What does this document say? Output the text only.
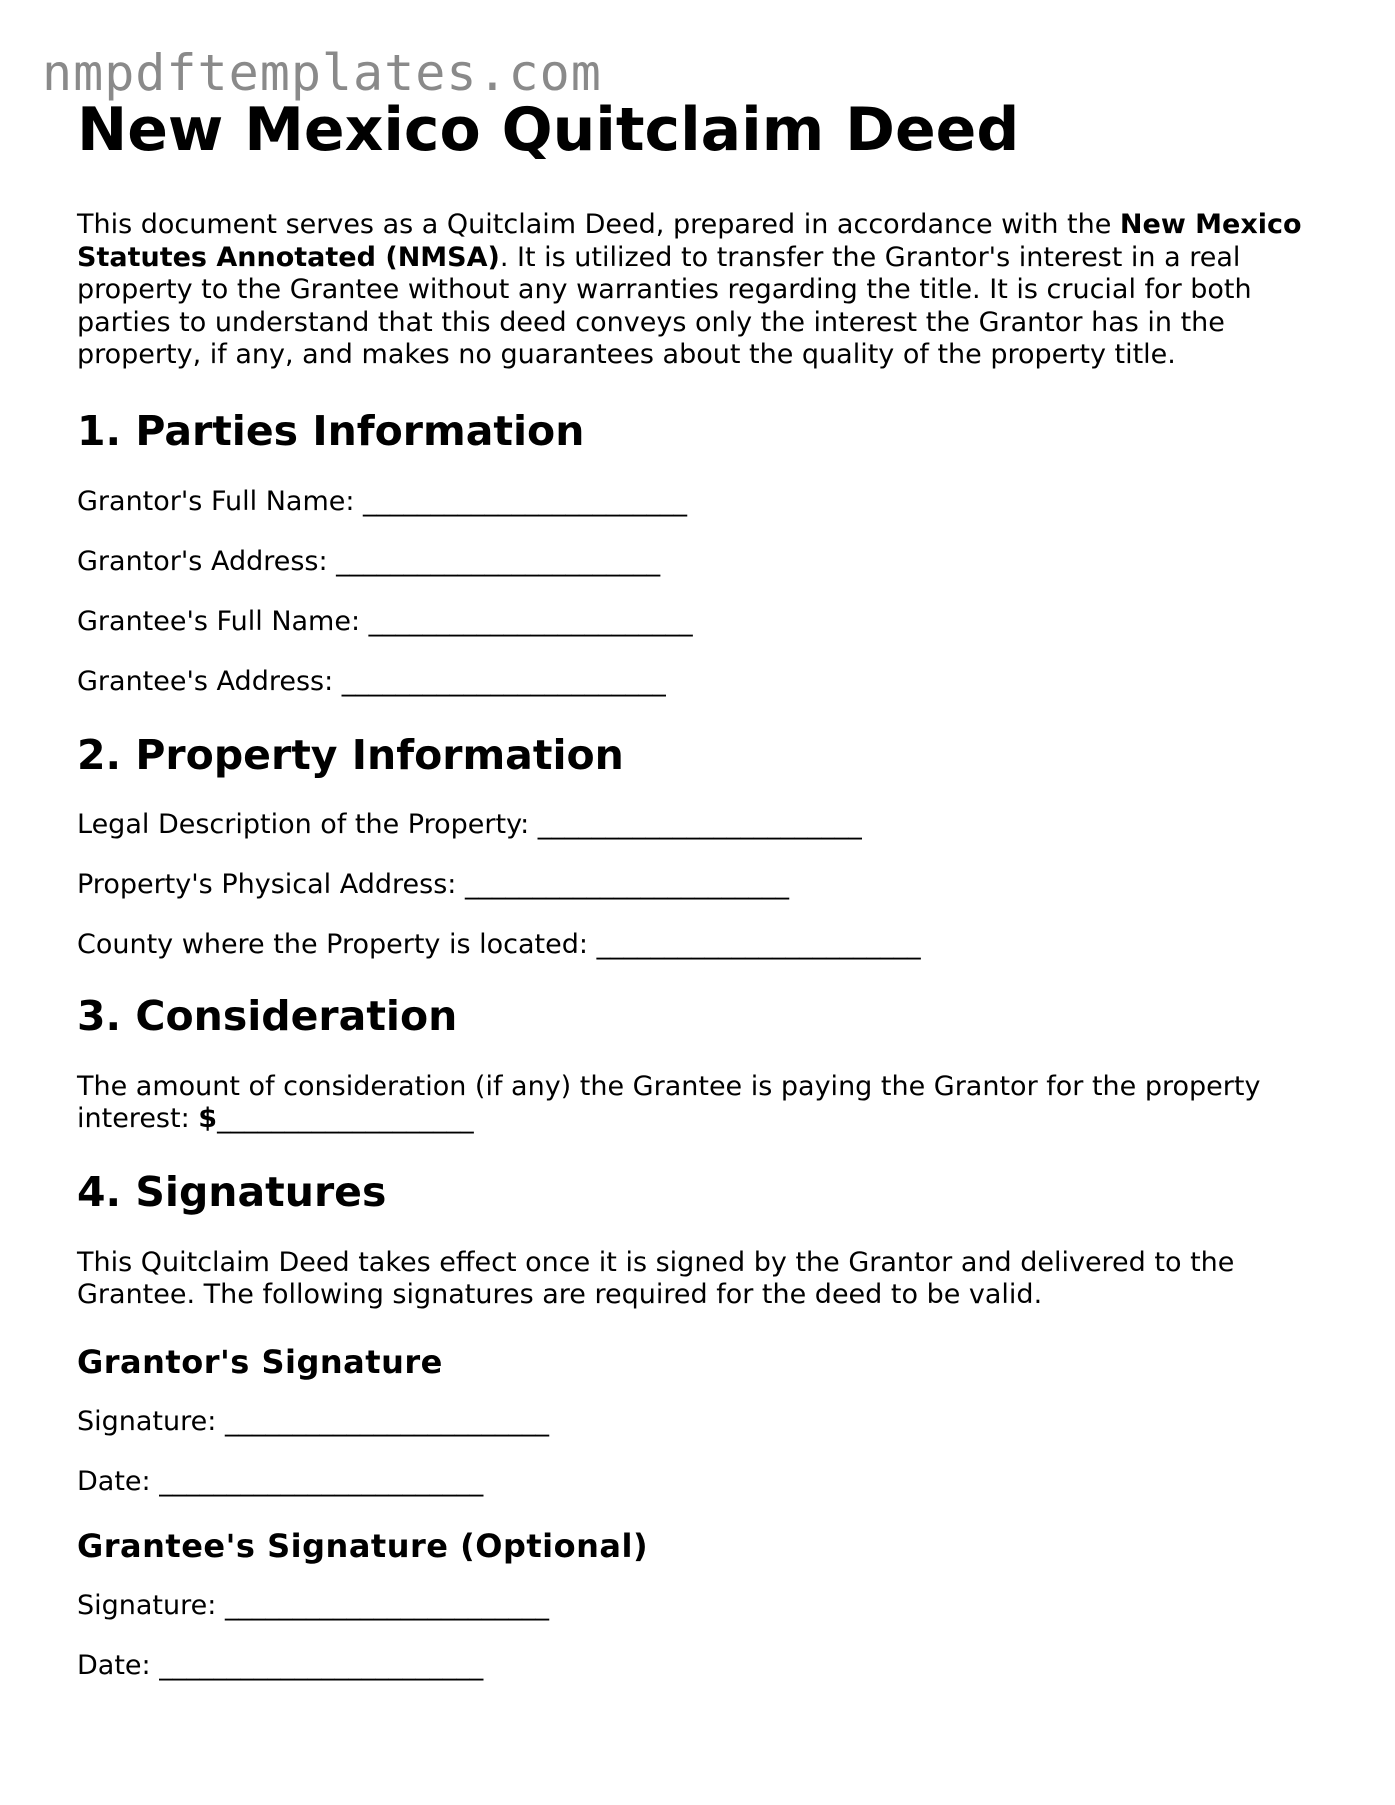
nmpdftemplates.com
New Mexico Quitclaim Deed

This document serves as a Quitclaim Deed, prepared in accordance with the New Mexico Statutes Annotated (NMSA). It is utilized to transfer the Grantor's interest in a real property to the Grantee without any warranties regarding the title. It is crucial for both parties to understand that this deed conveys only the interest the Grantor has in the property, if any, and makes no guarantees about the quality of the property title.

1. Parties Information

Grantor's Full Name: ________________________

Grantor's Address: ________________________

Grantee's Full Name: ________________________

Grantee's Address: ________________________

2. Property Information

Legal Description of the Property: ________________________

Property's Physical Address: ________________________

County where the Property is located: ________________________

3. Consideration

The amount of consideration (if any) the Grantee is paying the Grantor for the property interest: $___________________

4. Signatures

This Quitclaim Deed takes effect once it is signed by the Grantor and delivered to the Grantee. The following signatures are required for the deed to be valid.

Grantor's Signature

Signature: ________________________

Date: ________________________

Grantee's Signature (Optional)

Signature: ________________________

Date: ________________________
